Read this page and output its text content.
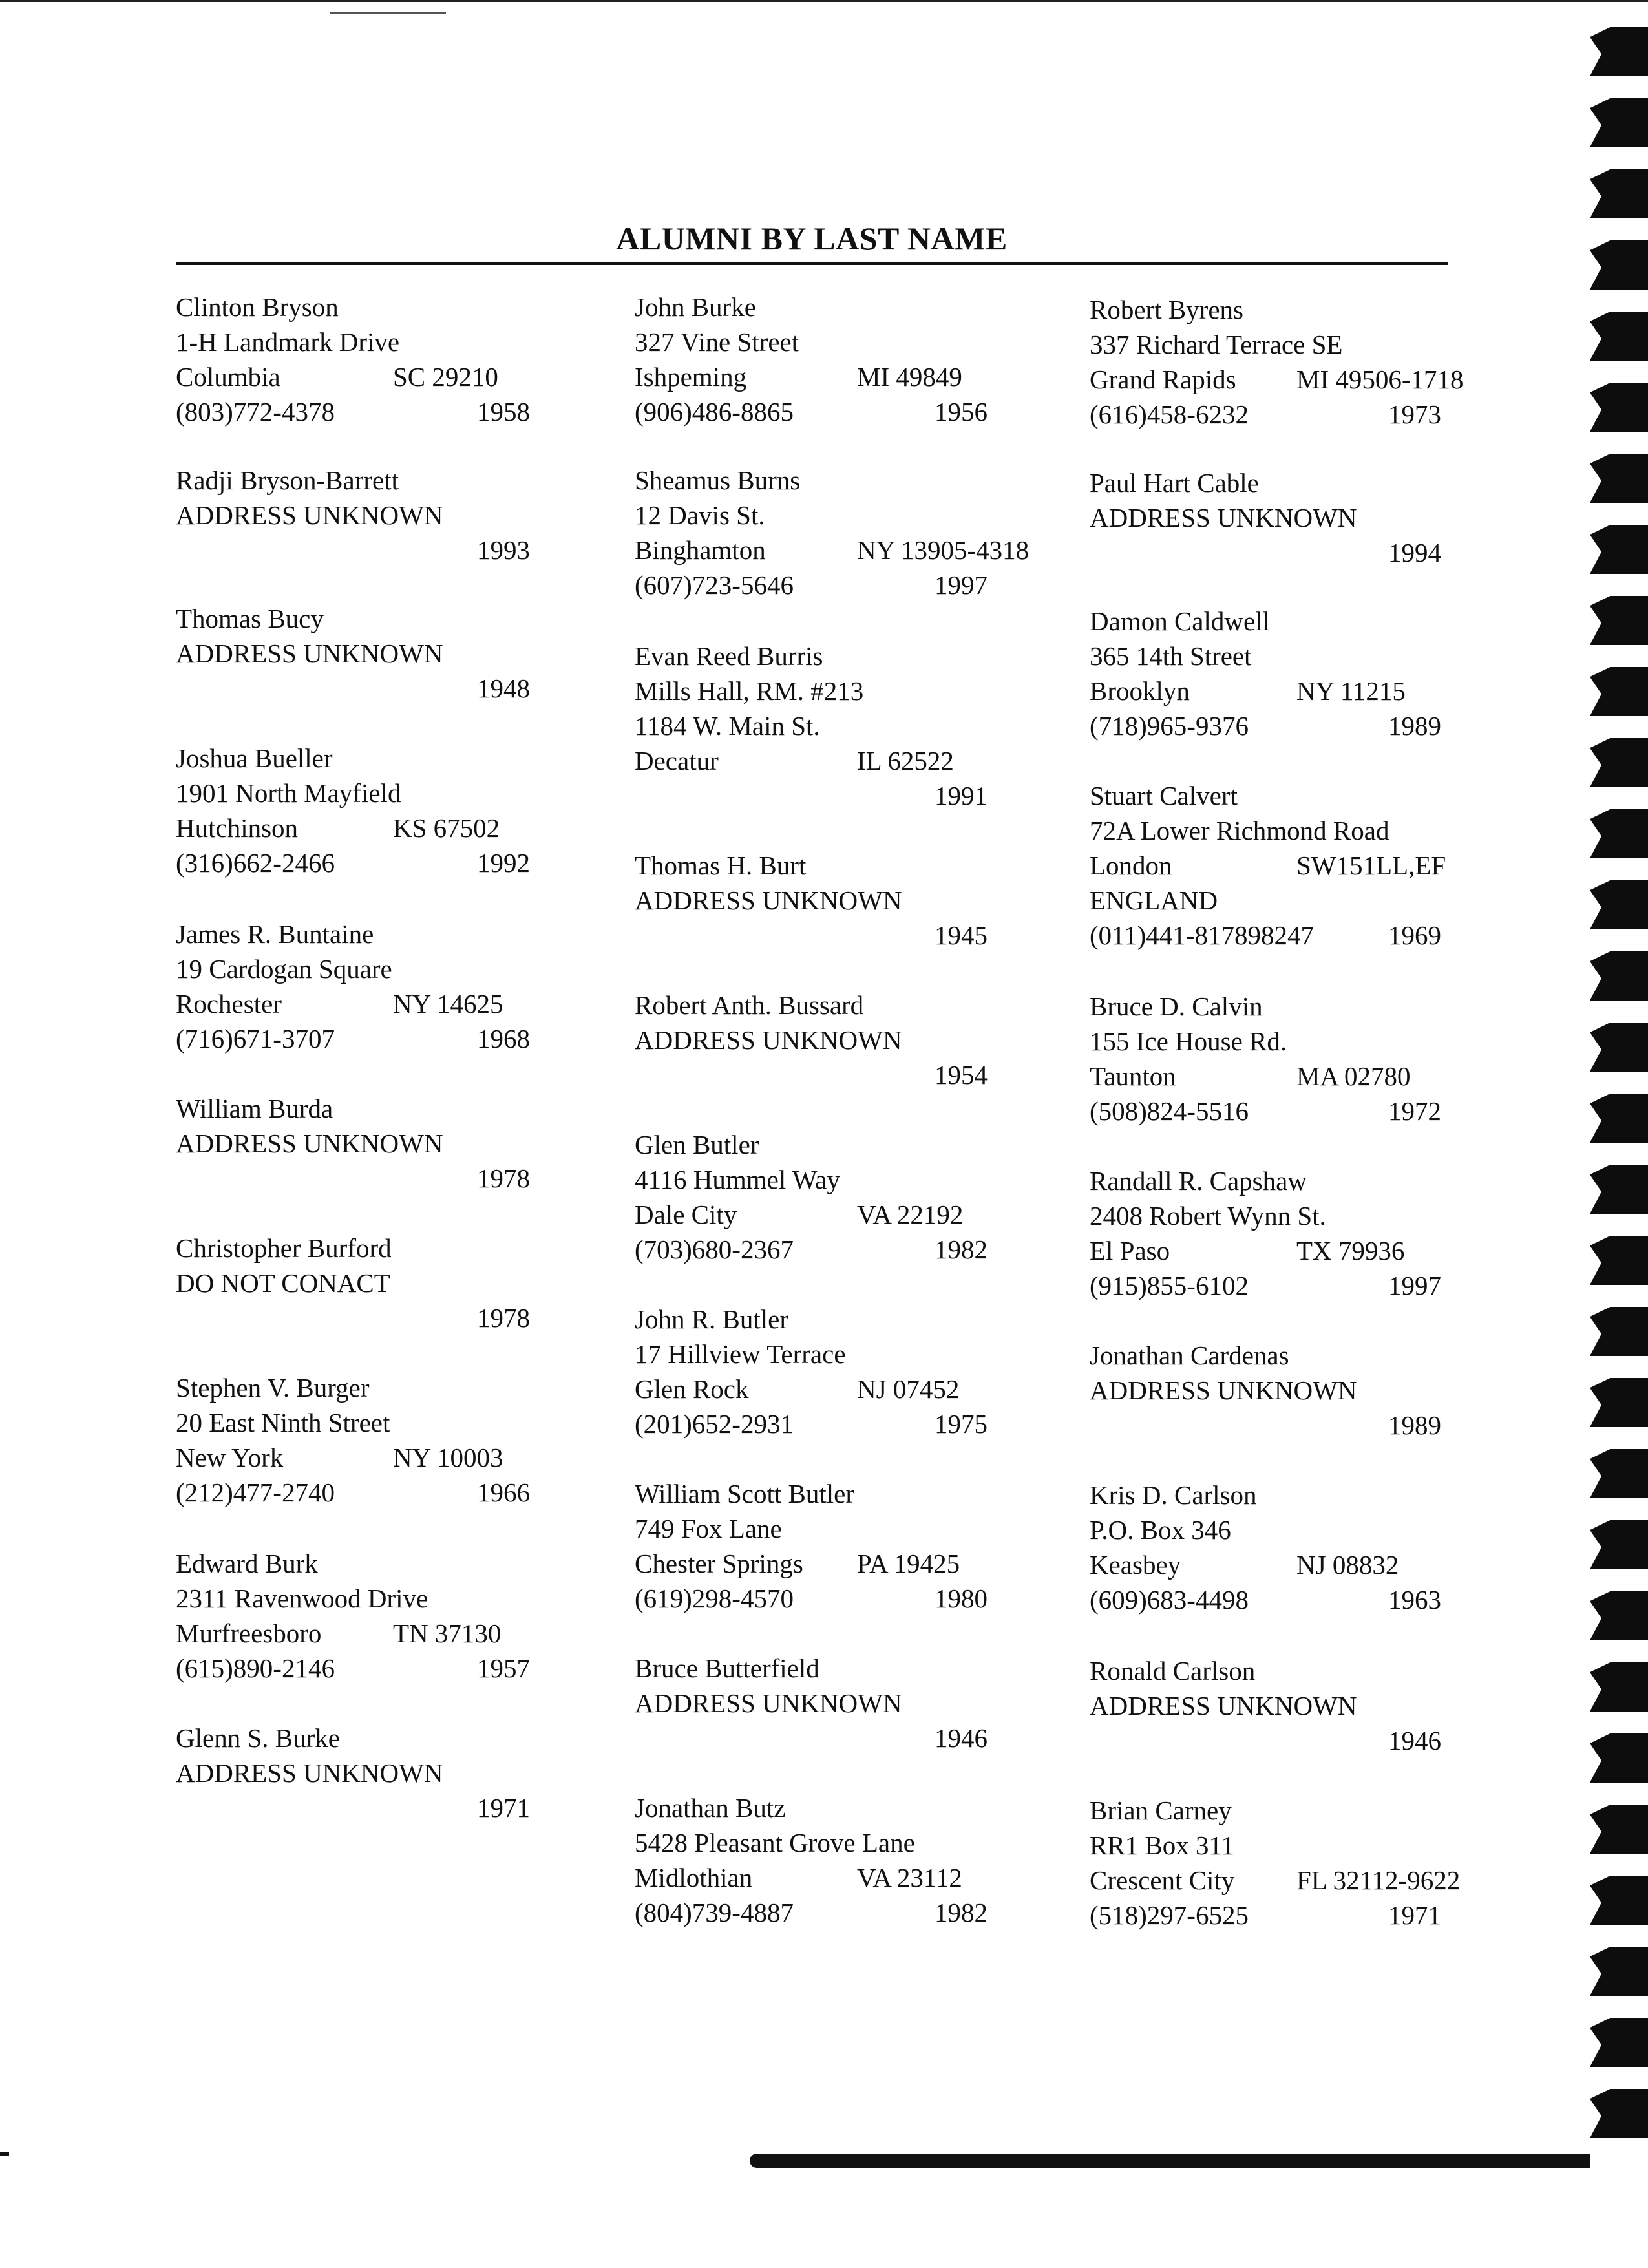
ALUMNI BY LAST NAME
Clinton Bryson
1-H Landmark Drive
Columbia	SC 29210
(803)772-4378	1958
Radji Bryson-Barrett
ADDRESS UNKNOWN
1993
Thomas Bucy
ADDRESS UNKNOWN
1948
Joshua Bueller
1901 North Mayfield
Hutchinson	KS 67502
(316)662-2466	1992
James R. Buntaine
19 Cardogan Square
Rochester	NY 14625
(716)671-3707	1968
William Burda
ADDRESS UNKNOWN
1978
Christopher Burford
DO NOT CONACT
1978
Stephen V. Burger
20 East Ninth Street
New York	NY 10003
(212)477-2740	1966
Edward Burk
2311 Ravenwood Drive
Murfreesboro	TN 37130
(615)890-2146	1957
Glenn S. Burke
ADDRESS UNKNOWN
1971
John Burke
327 Vine Street
Ishpeming	MI 49849
(906)486-8865	1956
Sheamus Burns
12 Davis St.
Binghamton	NY 13905-4318
(607)723-5646	1997
Evan Reed Burris
Mills Hall, RM. #213
1184 W. Main St.
Decatur	IL 62522
1991
Thomas H. Burt
ADDRESS UNKNOWN
1945
Robert Anth. Bussard
ADDRESS UNKNOWN
1954
Glen Butler
4116 Hummel Way
Dale City	VA 22192
(703)680-2367	1982
John R. Butler
17 Hillview Terrace
Glen Rock	NJ 07452
(201)652-2931	1975
William Scott Butler
749 Fox Lane
Chester Springs PA 19425
(619)298-4570	1980
Bruce Butterfield
ADDRESS UNKNOWN
1946
Jonathan Butz
5428 Pleasant Grove Lane
Midlothian	VA 23112
(804)739-4887	1982
Robert Byrens
337 Richard Terrace SE
Grand Rapids MI 49506-1718
(616)458-6232	1973
Paul Hart Cable
ADDRESS UNKNOWN
1994
Damon Caldwell
365 14th Street
Brooklyn	NY 11215
(718)965-9376	1989
Stuart Calvert
72A Lower Richmond Road
London	SW151LL,EF
ENGLAND
(011)441-817898247	1969
Bruce D. Calvin
155 Ice House Rd.
Taunton	MA 02780
(508)824-5516	1972
Randall R. Capshaw
2408 Robert Wynn St.
El Paso	TX 79936
(915)855-6102	1997
Jonathan Cardenas
ADDRESS UNKNOWN
1989
Kris D. Carlson
P.O. Box 346
Keasbey	NJ 08832
(609)683-4498	1963
Ronald Carlson
ADDRESS UNKNOWN
1946
Brian Carney
RR1 Box 311
Crescent City FL 32112-9622
(518)297-6525	1971
